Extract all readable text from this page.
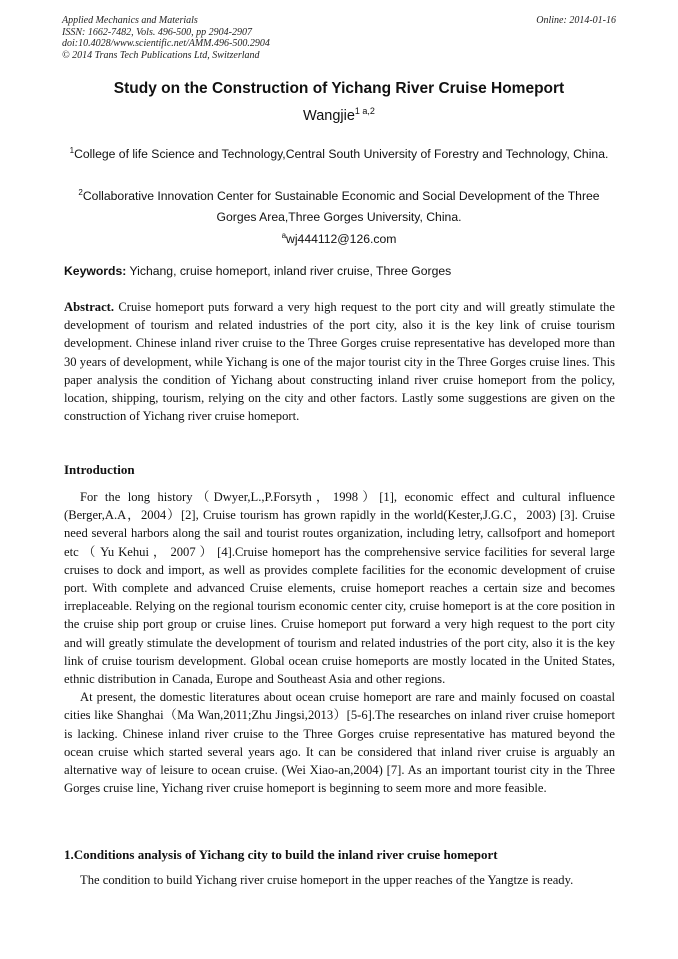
Applied Mechanics and Materials
ISSN: 1662-7482, Vols. 496-500, pp 2904-2907
doi:10.4028/www.scientific.net/AMM.496-500.2904
© 2014 Trans Tech Publications Ltd, Switzerland
Online: 2014-01-16
Study on the Construction of Yichang River Cruise Homeport
Wangjie$^{1 a,2}$
$^1$College of life Science and Technology,Central South University of Forestry and Technology, China.
$^2$Collaborative Innovation Center for Sustainable Economic and Social Development of the Three Gorges Area,Three Gorges University, China.
$^a$wj444112@126.com
Keywords: Yichang, cruise homeport, inland river cruise, Three Gorges
Abstract. Cruise homeport puts forward a very high request to the port city and will greatly stimulate the development of tourism and related industries of the port city, also it is the key link of cruise tourism development. Chinese inland river cruise to the Three Gorges cruise representative has developed more than 30 years of development, while Yichang is one of the major tourist city in the Three Gorges cruise lines. This paper analysis the condition of Yichang about constructing inland river cruise homeport from the policy, location, shipping, tourism, relying on the city and other factors. Lastly some suggestions are given on the construction of Yichang river cruise homeport.
Introduction

For the long history（Dwyer,L.,P.Forsyth，1998）[1], economic effect and cultural influence (Berger,A.A，2004）[2], Cruise tourism has grown rapidly in the world(Kester,J.G.C，2003) [3]. Cruise need several harbors along the sail and tourist routes organization, including letry, callsofport and homeport etc （ Yu Kehui ， 2007 ） [4].Cruise homeport has the comprehensive service facilities for several large cruises to dock and import, as well as provides complete facilities for the economic development of cruise port. With complete and advanced Cruise elements, cruise homeport reaches a certain size and becomes irreplaceable. Relying on the regional tourism economic center city, cruise homeport is at the core position in the cruise ship port group or cruise lines. Cruise homeport put forward a very high request to the port city and will greatly stimulate the development of tourism and related industries of the port city, also it is the key link of cruise tourism development. Global ocean cruise homeports are mostly located in the United States, ethnic distribution in Canada, Europe and Southeast Asia and other regions.

At present, the domestic literatures about ocean cruise homeport are rare and mainly focused on coastal cities like Shanghai（Ma Wan,2011;Zhu Jingsi,2013）[5-6].The researches on inland river cruise homeport is lacking. Chinese inland river cruise to the Three Gorges cruise representative has matured beyond the ocean cruise which started several years ago. It can be considered that inland river cruise is arguably an alternative way of leisure to ocean cruise. (Wei Xiao-an,2004) [7]. As an important tourist city in the Three Gorges cruise line, Yichang river cruise homeport is beginning to seem more and more feasible.

1.Conditions analysis of Yichang city to build the inland river cruise homeport

The condition to build Yichang river cruise homeport in the upper reaches of the Yangtze is ready.
